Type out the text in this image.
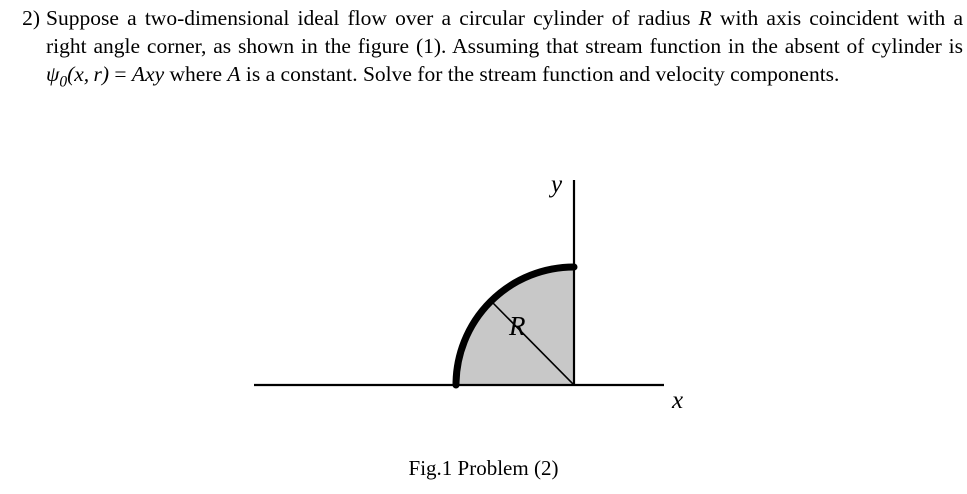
2) Suppose a two-dimensional ideal flow over a circular cylinder of radius R with axis coincident with a right angle corner, as shown in the figure (1). Assuming that stream function in the absent of cylinder is $\psi_0(x$, r) = Axy where A is a constant. Solve for the stream function and velocity components.
y
x
R
Fig.1 Problem (2)
